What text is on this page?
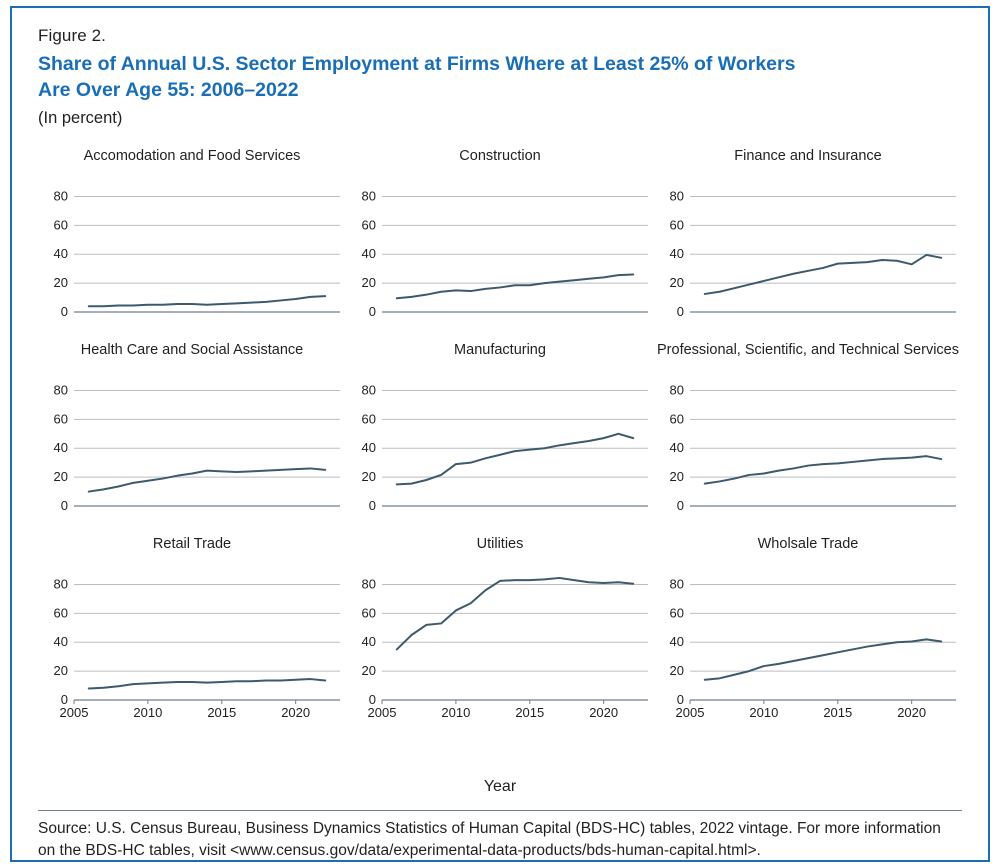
Figure 2.
Share of Annual U.S. Sector Employment at Firms Where at Least 25% of Workers Are Over Age 55: 2006–2022
(In percent)
Accomodation and Food Services
0
20
40
60
80
Construction
0
20
40
60
80
Finance and Insurance
0
20
40
60
80
Health Care and Social Assistance
0
20
40
60
80
Manufacturing
0
20
40
60
80
Professional, Scientific, and Technical Services
0
20
40
60
80
Retail Trade
0
20
40
60
80
2005	2010	2015	2020
Utilities
0
20
40
60
80
2005	2010	2015	2020
Wholsale Trade
0
20
40
60
80
2005	2010	2015	2020
Year
Source: U.S. Census Bureau, Business Dynamics Statistics of Human Capital (BDS-HC) tables, 2022 vintage. For more information on the BDS-HC tables, visit <www.census.gov/data/experimental-data-products/bds-human-capital.html>.
